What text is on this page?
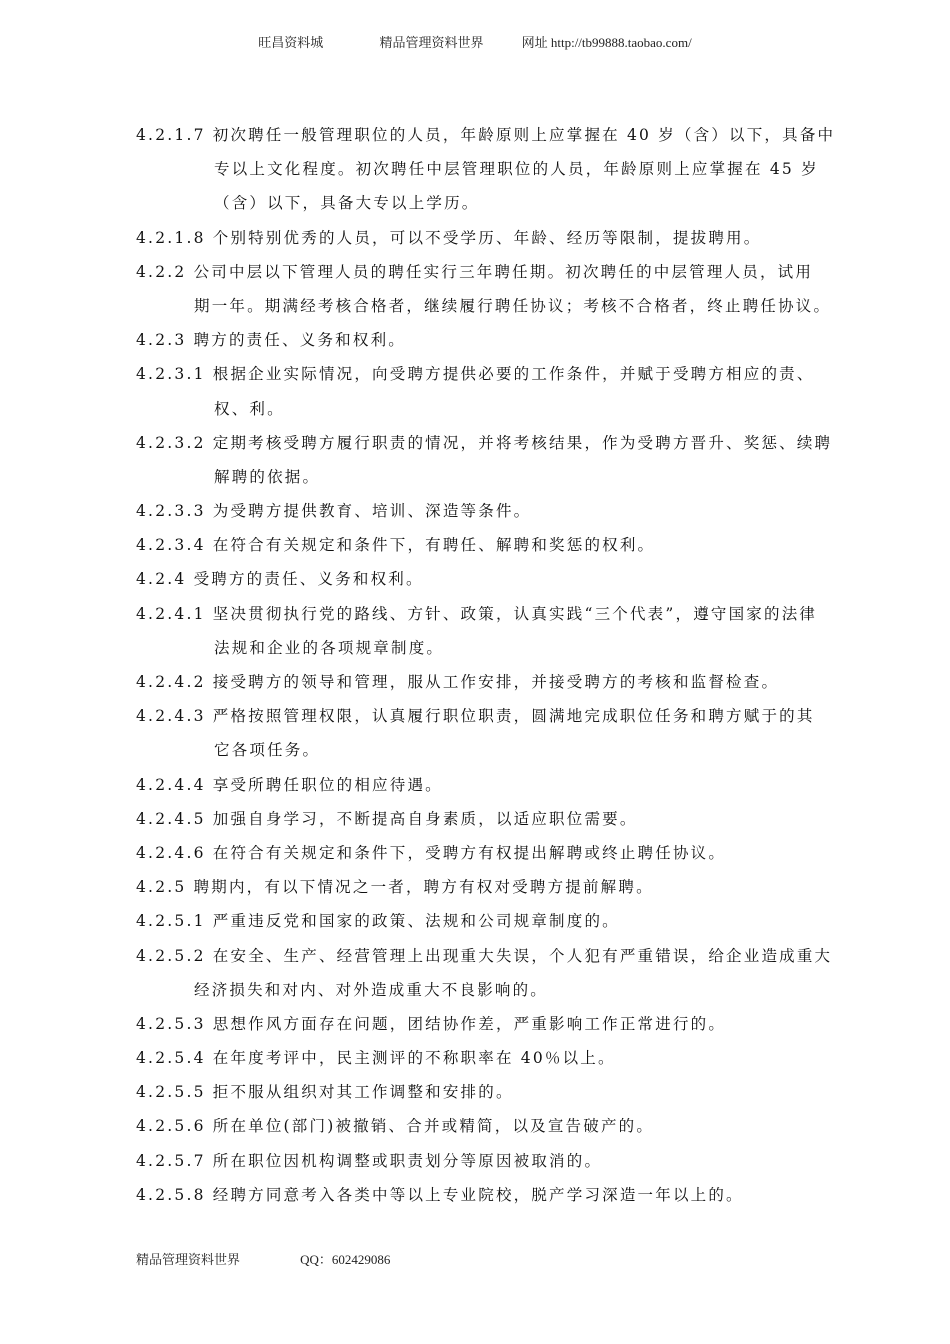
旺昌资料城	精品管理资料世界	网址 http://tb99888.taobao.com/
4.2.1.7 初次聘任一般管理职位的人员，年龄原则上应掌握在 40 岁（含）以下，具备中
专以上文化程度。初次聘任中层管理职位的人员，年龄原则上应掌握在 45 岁
（含）以下，具备大专以上学历。
4.2.1.8 个别特别优秀的人员，可以不受学历、年龄、经历等限制，提拔聘用。
4.2.2 公司中层以下管理人员的聘任实行三年聘任期。初次聘任的中层管理人员，试用
期一年。期满经考核合格者，继续履行聘任协议；考核不合格者，终止聘任协议。
4.2.3 聘方的责任、义务和权利。
4.2.3.1 根据企业实际情况，向受聘方提供必要的工作条件，并赋于受聘方相应的责、
权、利。
4.2.3.2 定期考核受聘方履行职责的情况，并将考核结果，作为受聘方晋升、奖惩、续聘
解聘的依据。
4.2.3.3 为受聘方提供教育、培训、深造等条件。
4.2.3.4 在符合有关规定和条件下，有聘任、解聘和奖惩的权利。
4.2.4 受聘方的责任、义务和权利。
4.2.4.1 坚决贯彻执行党的路线、方针、政策，认真实践“三个代表”，遵守国家的法律
法规和企业的各项规章制度。
4.2.4.2 接受聘方的领导和管理，服从工作安排，并接受聘方的考核和监督检查。
4.2.4.3 严格按照管理权限，认真履行职位职责，圆满地完成职位任务和聘方赋于的其
它各项任务。
4.2.4.4 享受所聘任职位的相应待遇。
4.2.4.5 加强自身学习，不断提高自身素质，以适应职位需要。
4.2.4.6 在符合有关规定和条件下，受聘方有权提出解聘或终止聘任协议。
4.2.5 聘期内，有以下情况之一者，聘方有权对受聘方提前解聘。
4.2.5.1 严重违反党和国家的政策、法规和公司规章制度的。
4.2.5.2 在安全、生产、经营管理上出现重大失误，个人犯有严重错误，给企业造成重大
经济损失和对内、对外造成重大不良影响的。
4.2.5.3 思想作风方面存在问题，团结协作差，严重影响工作正常进行的。
4.2.5.4 在年度考评中，民主测评的不称职率在 40％以上。
4.2.5.5 拒不服从组织对其工作调整和安排的。
4.2.5.6 所在单位(部门)被撤销、合并或精简，以及宣告破产的。
4.2.5.7 所在职位因机构调整或职责划分等原因被取消的。
4.2.5.8 经聘方同意考入各类中等以上专业院校，脱产学习深造一年以上的。
精品管理资料世界	QQ：602429086
